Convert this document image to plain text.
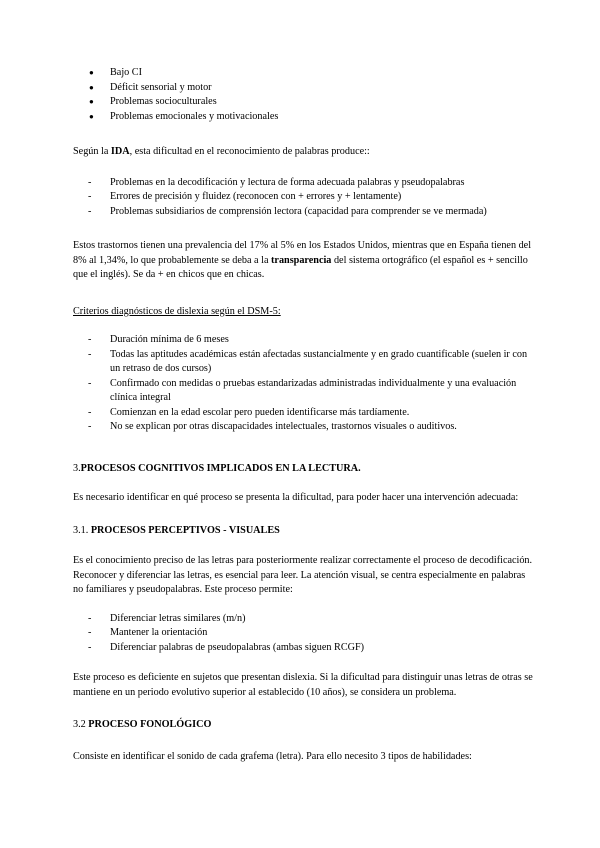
● Bajo CI
● Déficit sensorial y motor
● Problemas socioculturales
● Problemas emocionales y motivacionales

Según la IDA, esta dificultad en el reconocimiento de palabras produce::

- Problemas en la decodificación y lectura de forma adecuada palabras y pseudopalabras
- Errores de precisión y fluidez (reconocen con + errores y + lentamente)
- Problemas subsidiarios de comprensión lectora (capacidad para comprender se ve mermada)

Estos trastornos tienen una prevalencia del 17% al 5% en los Estados Unidos, mientras que en España tienen del 8% al 1,34%, lo que probablemente se deba a la transparencia del sistema ortográfico (el español es + sencillo que el inglés). Se da + en chicos que en chicas.

Criterios diagnósticos de dislexia según el DSM-5:

- Duración mínima de 6 meses
- Todas las aptitudes académicas están afectadas sustancialmente y en grado cuantificable (suelen ir con un retraso de dos cursos)
- Confirmado con medidas o pruebas estandarizadas administradas individualmente y una evaluación clínica integral
- Comienzan en la edad escolar pero pueden identificarse más tardíamente.
- No se explican por otras discapacidades intelectuales, trastornos visuales o auditivos.
3.PROCESOS COGNITIVOS IMPLICADOS EN LA LECTURA.

Es necesario identificar en qué proceso se presenta la dificultad, para poder hacer una intervención adecuada:

3.1. PROCESOS PERCEPTIVOS - VISUALES

Es el conocimiento preciso de las letras para posteriormente realizar correctamente el proceso de decodificación. Reconocer y diferenciar las letras, es esencial para leer. La atención visual, se centra especialmente en palabras no familiares y pseudopalabras. Este proceso permite:

- Diferenciar letras similares (m/n)
- Mantener la orientación
- Diferenciar palabras de pseudopalabras (ambas siguen RCGF)

Este proceso es deficiente en sujetos que presentan dislexia. Si la dificultad para distinguir unas letras de otras se mantiene en un periodo evolutivo superior al establecido (10 años), se considera un problema.

3.2 PROCESO FONOLÓGICO

Consiste en identificar el sonido de cada grafema (letra). Para ello necesito 3 tipos de habilidades:
